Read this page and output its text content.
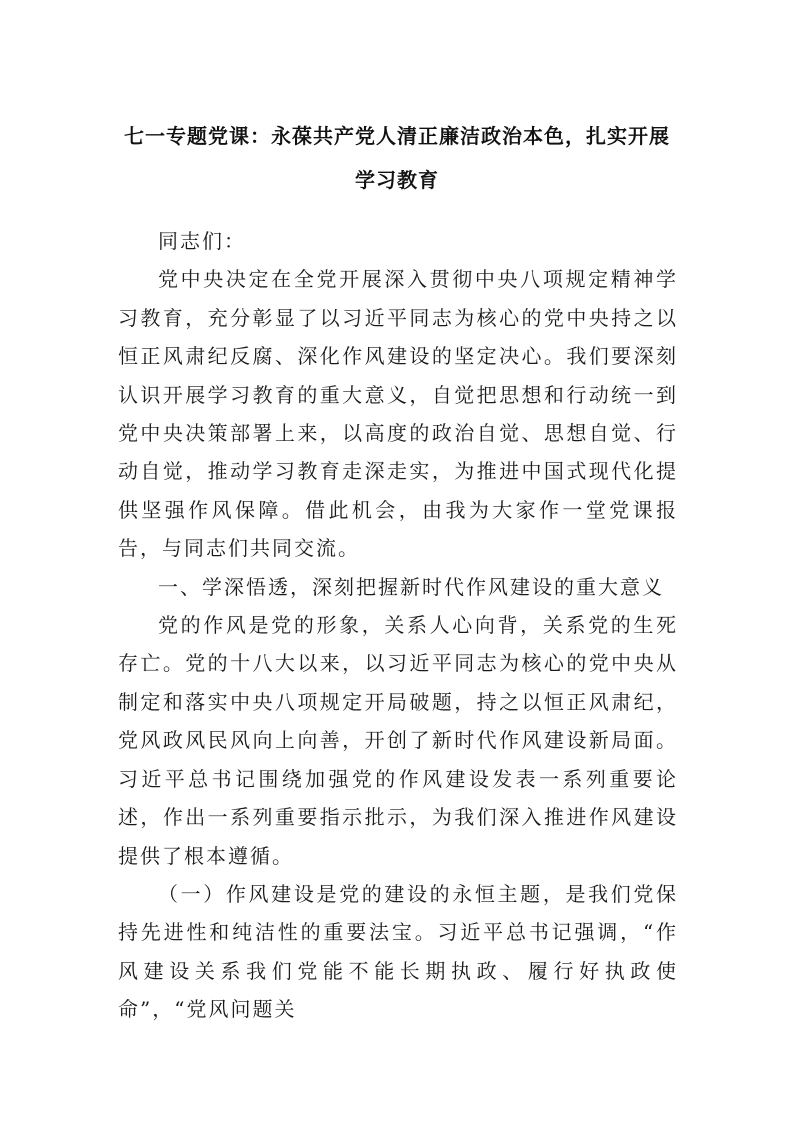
七一专题党课：永葆共产党人清正廉洁政治本色，扎实开展学习教育

同志们：

党中央决定在全党开展深入贯彻中央八项规定精神学习教育，充分彰显了以习近平同志为核心的党中央持之以恒正风肃纪反腐、深化作风建设的坚定决心。我们要深刻认识开展学习教育的重大意义，自觉把思想和行动统一到党中央决策部署上来，以高度的政治自觉、思想自觉、行动自觉，推动学习教育走深走实，为推进中国式现代化提供坚强作风保障。借此机会，由我为大家作一堂党课报告，与同志们共同交流。

一、学深悟透，深刻把握新时代作风建设的重大意义

党的作风是党的形象，关系人心向背，关系党的生死存亡。党的十八大以来，以习近平同志为核心的党中央从制定和落实中央八项规定开局破题，持之以恒正风肃纪，党风政风民风向上向善，开创了新时代作风建设新局面。习近平总书记围绕加强党的作风建设发表一系列重要论述，作出一系列重要指示批示，为我们深入推进作风建设提供了根本遵循。

（一）作风建设是党的建设的永恒主题，是我们党保持先进性和纯洁性的重要法宝。习近平总书记强调，“作风建设关系我们党能不能长期执政、履行好执政使命”，“党风问题关
